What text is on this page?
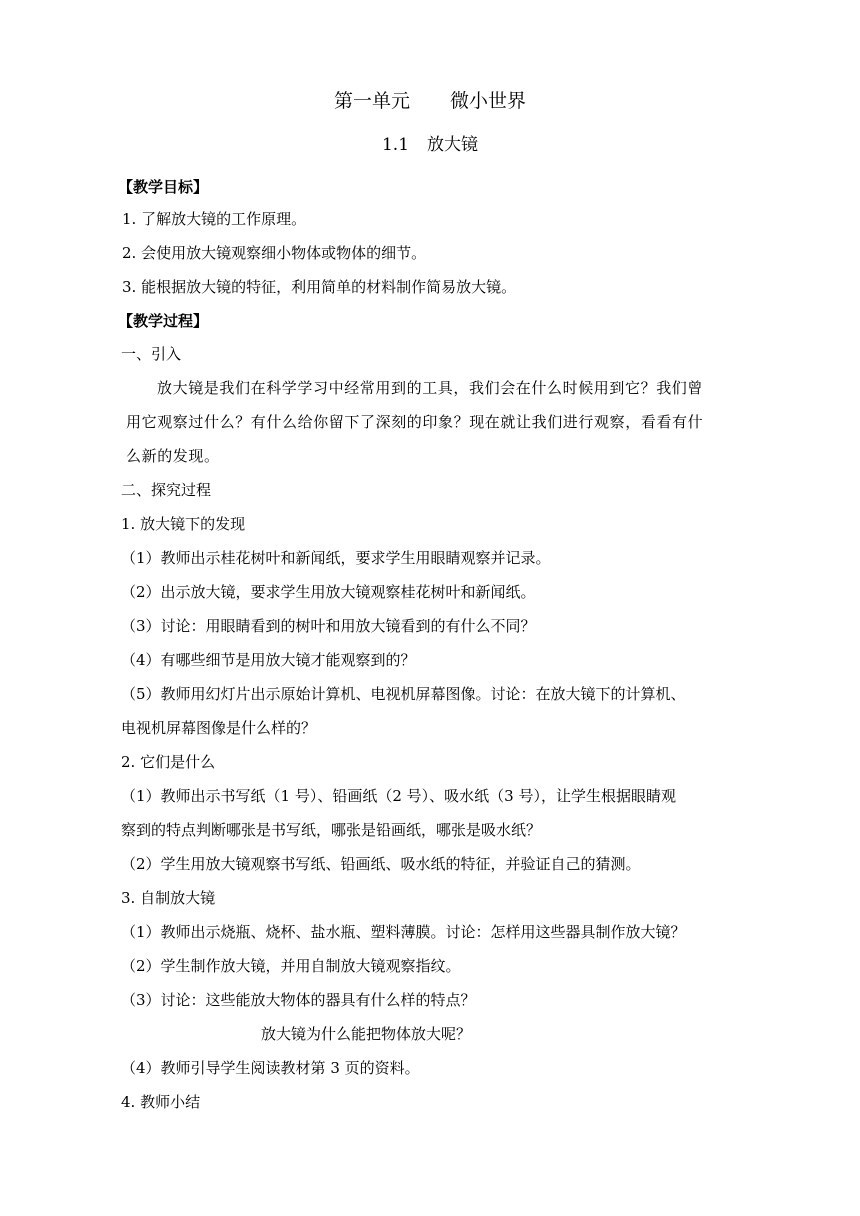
第一单元 微小世界
1.1 放大镜
【教学目标】
1. 了解放大镜的工作原理。
2. 会使用放大镜观察细小物体或物体的细节。
3. 能根据放大镜的特征，利用简单的材料制作简易放大镜。
【教学过程】
一、引入
放大镜是我们在科学学习中经常用到的工具，我们会在什么时候用到它？我们曾
用它观察过什么？有什么给你留下了深刻的印象？现在就让我们进行观察，看看有什
么新的发现。
二、探究过程
1. 放大镜下的发现
（1）教师出示桂花树叶和新闻纸，要求学生用眼睛观察并记录。
（2）出示放大镜，要求学生用放大镜观察桂花树叶和新闻纸。
（3）讨论：用眼睛看到的树叶和用放大镜看到的有什么不同？
（4）有哪些细节是用放大镜才能观察到的？
（5）教师用幻灯片出示原始计算机、电视机屏幕图像。讨论：在放大镜下的计算机、
电视机屏幕图像是什么样的？
2. 它们是什么
（1）教师出示书写纸（1 号）、铅画纸（2 号）、吸水纸（3 号），让学生根据眼睛观
察到的特点判断哪张是书写纸，哪张是铅画纸，哪张是吸水纸？
（2）学生用放大镜观察书写纸、铅画纸、吸水纸的特征，并验证自己的猜测。
3. 自制放大镜
（1）教师出示烧瓶、烧杯、盐水瓶、塑料薄膜。讨论：怎样用这些器具制作放大镜？
（2）学生制作放大镜，并用自制放大镜观察指纹。
（3）讨论：这些能放大物体的器具有什么样的特点？
放大镜为什么能把物体放大呢？
（4）教师引导学生阅读教材第 3 页的资料。
4. 教师小结
